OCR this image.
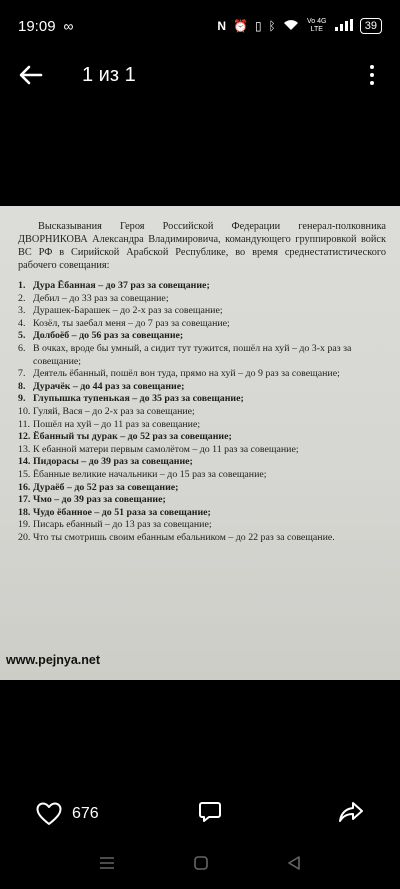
19:09 ∞	N ⏰ ▯ ᛒ	Vo 4G LTE	39
1 из 1

Высказывания Героя Российской Федерации генерал-полковника ДВОРНИКОВА Александра Владимировича, командующего группировкой войск ВС РФ в Сирийской Арабской Республике, во время среднестатистического рабочего совещания:

1. Дура Ёбанная – до 37 раз за совещание;
2. Дебил – до 33 раз за совещание;
3. Дурашек-Барашек – до 2-х раз за совещание;
4. Козёл, ты заебал меня – до 7 раз за совещание;
5. Долбоёб – до 56 раз за совещание;
6. В очках, вроде бы умный, а сидит тут тужится, пошёл на хуй – до 3-х раз за совещание;
7. Деятель ёбанный, пошёл вон туда, прямо на хуй – до 9 раз за совещание;
8. Дурачёк – до 44 раз за совещание;
9. Глупышка тупенькая – до 35 раз за совещание;
10. Гуляй, Вася – до 2-х раз за совещание;
11. Пошёл на хуй – до 11 раз за совещание;
12. Ёбанный ты дурак – до 52 раз за совещание;
13. К ебанной матери первым самолётом – до 11 раз за совещание;
14. Пидорасы – до 39 раз за совещание;
15. Ёбанные великие начальники – до 15 раз за совещание;
16. Дураёб – до 52 раз за совещание;
17. Чмо – до 39 раз за совещание;
18. Чудо ёбанное – до 51 раза за совещание;
19. Писарь ебанный – до 13 раз за совещание;
20. Что ты смотришь своим ебанным ебальником – до 22 раз за совещание.
www.pejnya.net
676
